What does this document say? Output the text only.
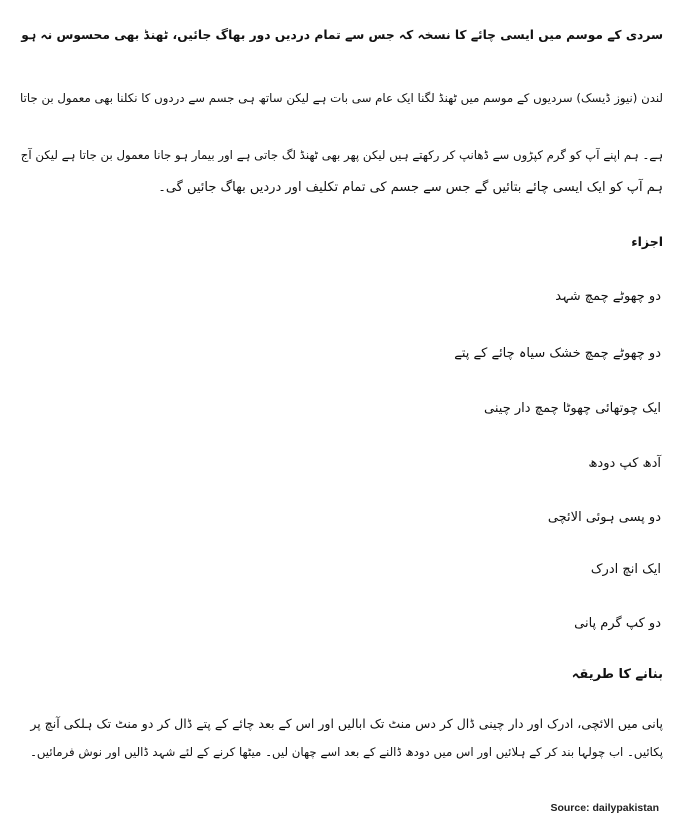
سردی کے موسم میں ایسی چائے کا نسخہ کہ جس سے تمام دردیں دور بھاگ جائیں، ٹھنڈ بھی محسوس نہ ہو

لندن (نیوز ڈیسک) سردیوں کے موسم میں ٹھنڈ لگنا ایک عام سی بات ہے لیکن ساتھ ہی جسم سے دردوں کا نکلنا بھی معمول بن جاتا

ہے۔ ہم اپنے آپ کو گرم کپڑوں سے ڈھانپ کر رکھتے ہیں لیکن پھر بھی ٹھنڈ لگ جاتی ہے اور بیمار ہو جانا معمول بن جاتا ہے لیکن آج

ہم آپ کو ایک ایسی چائے بتائیں گے جس سے جسم کی تمام تکلیف اور دردیں بھاگ جائیں گی۔

اجزاء
دو چھوٹے چمچ شہد
دو چھوٹے چمچ خشک سیاہ چائے کے پتے
ایک چوتھائی چھوٹا چمچ دار چینی
آدھ کپ دودھ
دو پسی ہوئی الائچی
ایک انچ ادرک
دو کپ گرم پانی
بنانے کا طریقہ

پانی میں الائچی، ادرک اور دار چینی ڈال کر دس منٹ تک ابالیں اور اس کے بعد چائے کے پتے ڈال کر دو منٹ تک ہلکی آنچ پر

پکائیں۔ اب چولہا بند کر کے ہلائیں اور اس میں دودھ ڈالنے کے بعد اسے چھان لیں۔ میٹھا کرنے کے لئے شہد ڈالیں اور نوش فرمائیں۔

Source: dailypakistan
